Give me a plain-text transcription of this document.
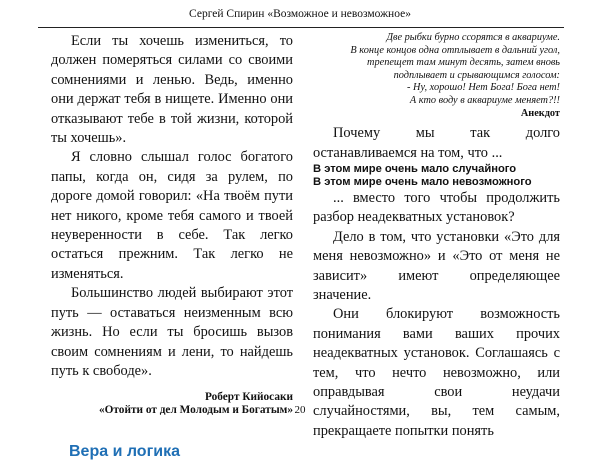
Сергей Спирин «Возможное и невозможное»

Если ты хочешь измениться, то должен померяться силами со своими сомнениями и ленью. Ведь, именно они держат тебя в нищете. Именно они отказывают тебе в той жизни, которой ты хочешь».

Я словно слышал голос богатого папы, когда он, сидя за рулем, по дороге домой говорил: «На твоём пути нет никого, кроме тебя самого и твоей неуверенности в себе. Так легко остаться прежним. Так легко не изменяться.

Большинство людей выбирают этот путь — оставаться неизменным всю жизнь. Но если ты бросишь вызов своим сомнениям и лени, то найдешь путь к свободе».

Роберт Кийосаки
«Отойти от дел Молодым и Богатым»
Вера и логика
Две рыбки бурно ссорятся в аквариуме.
В конце концов одна отплывает в дальний угол, трепещет там минут десять, затем вновь подплывает и срывающимся голосом:
- Ну, хорошо! Нет Бога! Бога нет!
А кто воду в аквариуме меняет?!!
Анекдот

Почему мы так долго останавливаемся на том, что ...

В этом мире очень мало случайного
В этом мире очень мало невозможного

... вместо того чтобы продолжить разбор неадекватных установок?

Дело в том, что установки «Это для меня невозможно» и «Это от меня не зависит» имеют определяющее значение.

Они блокируют возможность понимания вами ваших прочих неадекватных установок. Соглашаясь с тем, что нечто невозможно, или оправдывая свои неудачи случайностями, вы, тем самым, прекращаете попытки понять

20
